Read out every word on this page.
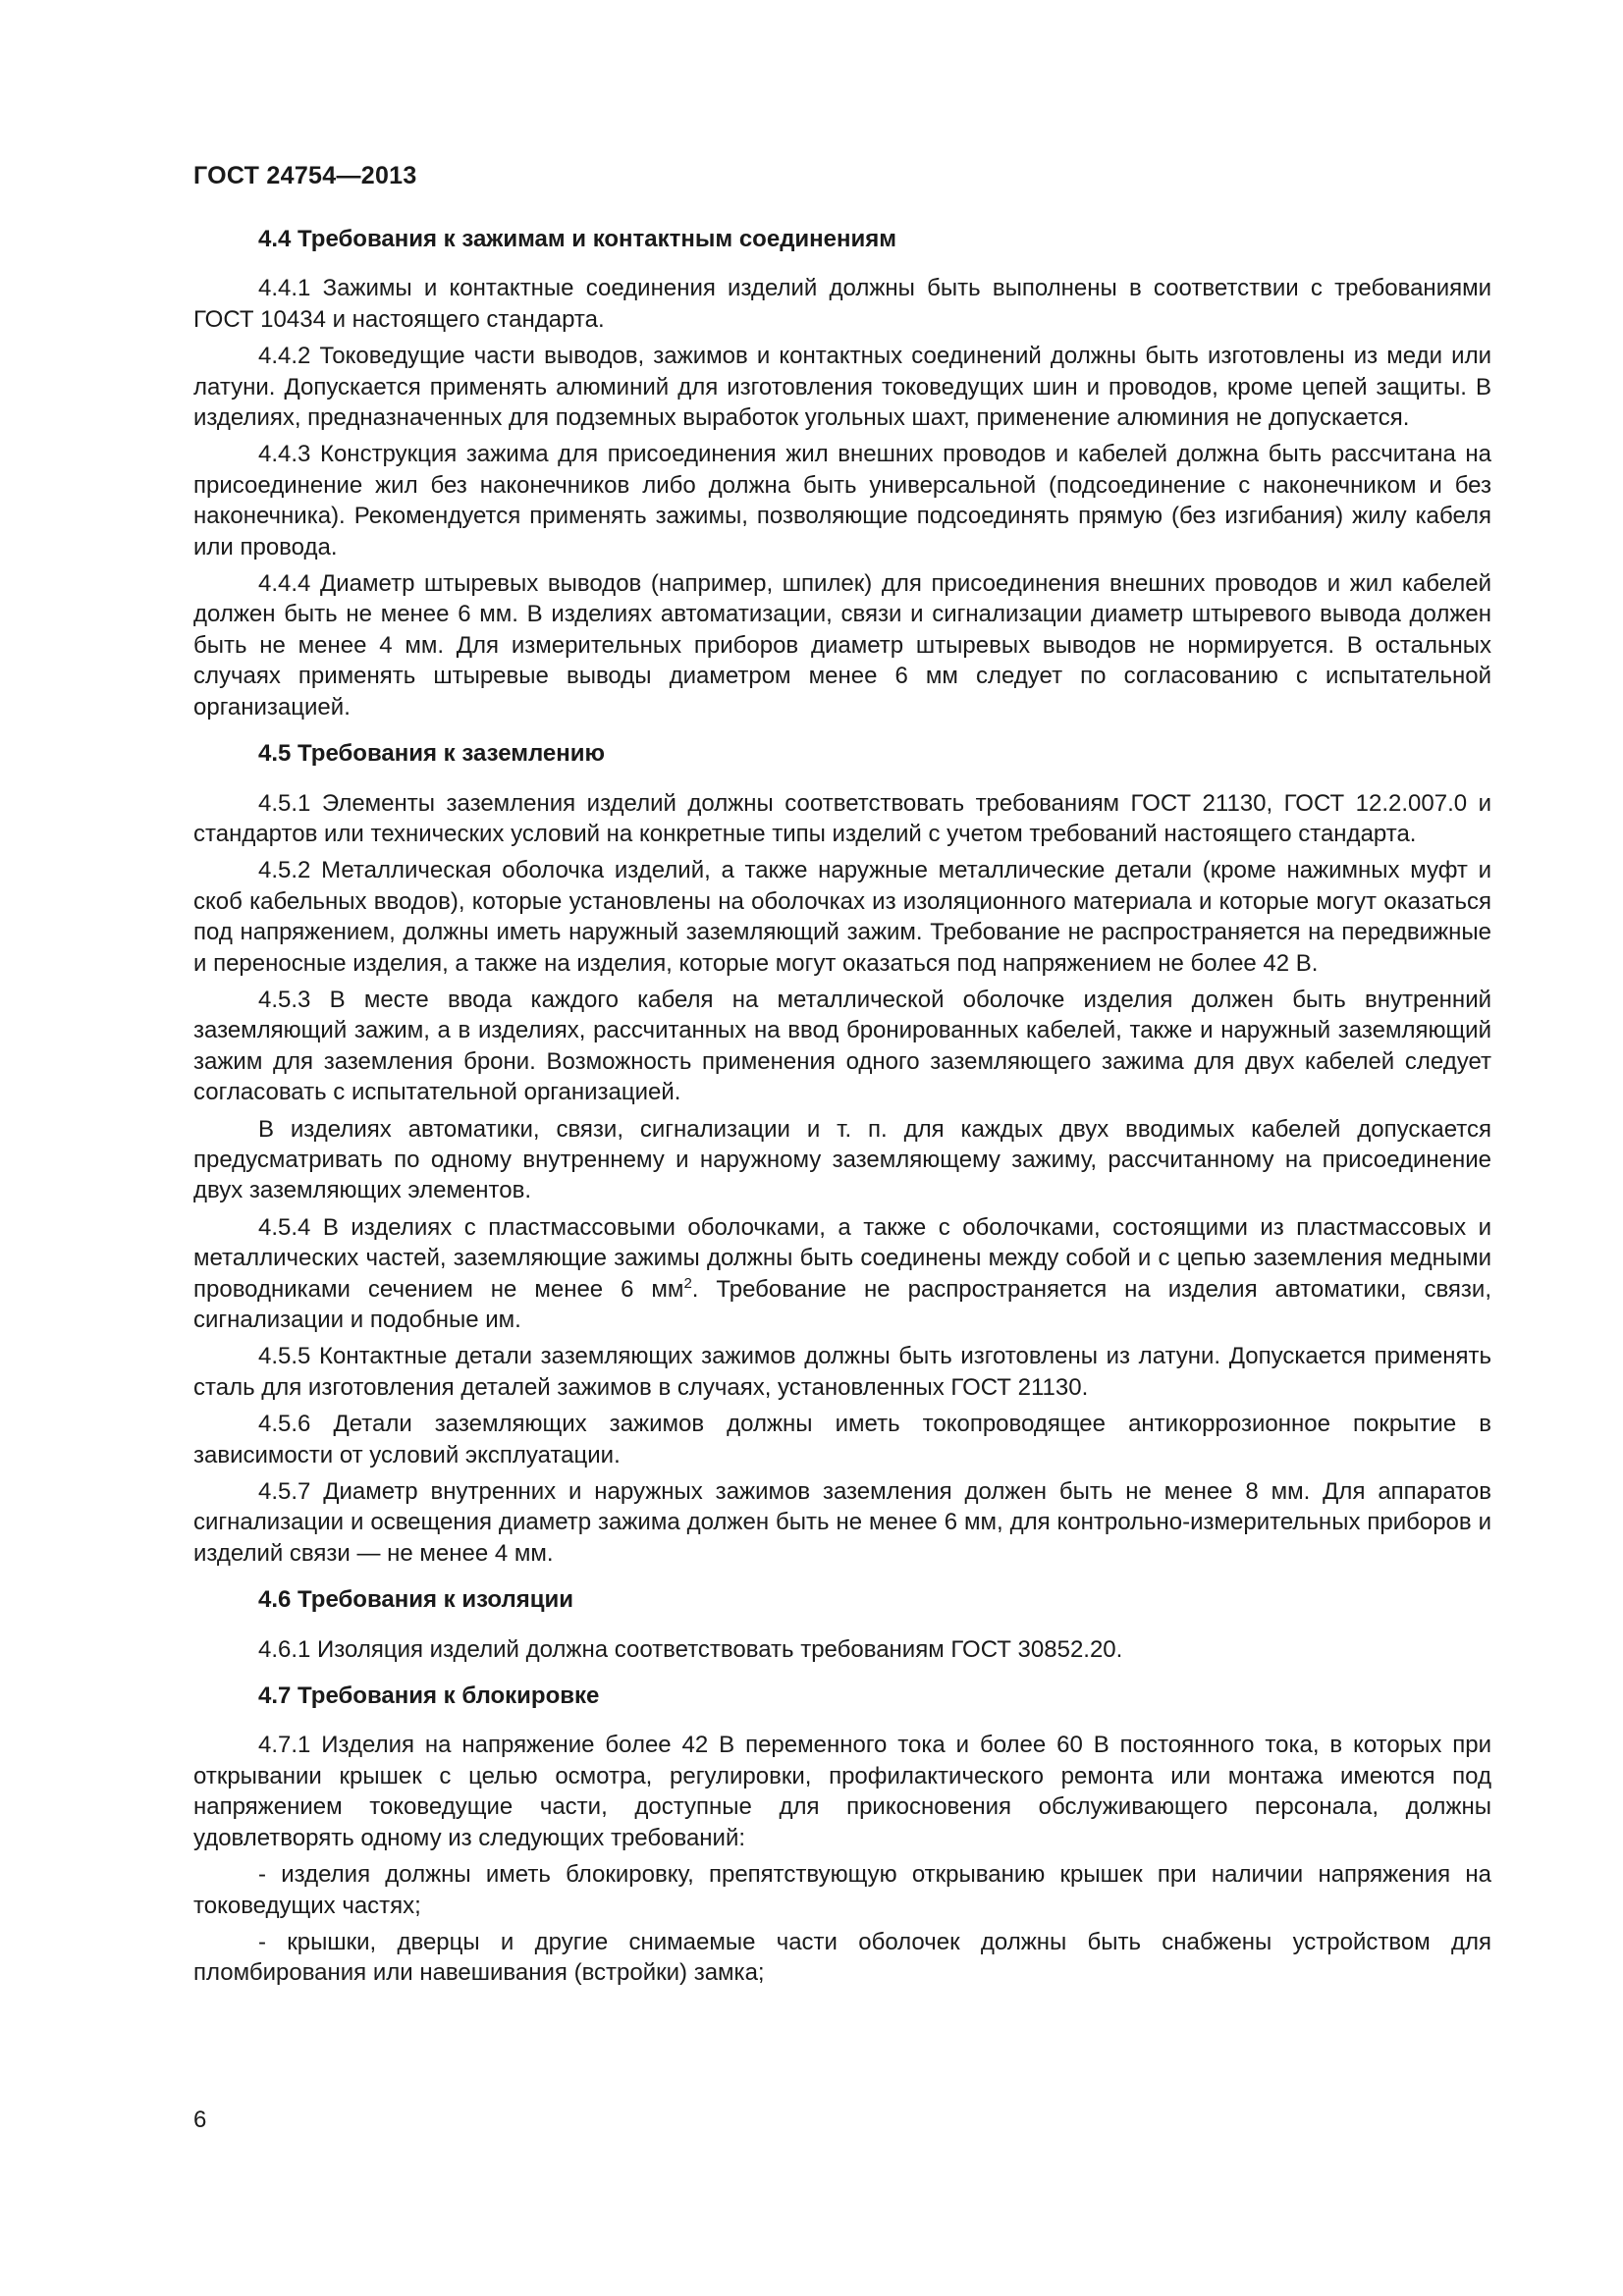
ГОСТ 24754—2013
4.4 Требования к зажимам и контактным соединениям

4.4.1 Зажимы и контактные соединения изделий должны быть выполнены в соответствии с требованиями ГОСТ 10434 и настоящего стандарта.

4.4.2 Токоведущие части выводов, зажимов и контактных соединений должны быть изготовлены из меди или латуни. Допускается применять алюминий для изготовления токоведущих шин и проводов, кроме цепей защиты. В изделиях, предназначенных для подземных выработок угольных шахт, применение алюминия не допускается.

4.4.3 Конструкция зажима для присоединения жил внешних проводов и кабелей должна быть рассчитана на присоединение жил без наконечников либо должна быть универсальной (подсоединение с наконечником и без наконечника). Рекомендуется применять зажимы, позволяющие подсоединять прямую (без изгибания) жилу кабеля или провода.

4.4.4 Диаметр штыревых выводов (например, шпилек) для присоединения внешних проводов и жил кабелей должен быть не менее 6 мм. В изделиях автоматизации, связи и сигнализации диаметр штыревого вывода должен быть не менее 4 мм. Для измерительных приборов диаметр штыревых выводов не нормируется. В остальных случаях применять штыревые выводы диаметром менее 6 мм следует по согласованию с испытательной организацией.

4.5 Требования к заземлению

4.5.1 Элементы заземления изделий должны соответствовать требованиям ГОСТ 21130, ГОСТ 12.2.007.0 и стандартов или технических условий на конкретные типы изделий с учетом требований настоящего стандарта.

4.5.2 Металлическая оболочка изделий, а также наружные металлические детали (кроме нажимных муфт и скоб кабельных вводов), которые установлены на оболочках из изоляционного материала и которые могут оказаться под напряжением, должны иметь наружный заземляющий зажим. Требование не распространяется на передвижные и переносные изделия, а также на изделия, которые могут оказаться под напряжением не более 42 В.

4.5.3 В месте ввода каждого кабеля на металлической оболочке изделия должен быть внутренний заземляющий зажим, а в изделиях, рассчитанных на ввод бронированных кабелей, также и наружный заземляющий зажим для заземления брони. Возможность применения одного заземляющего зажима для двух кабелей следует согласовать с испытательной организацией.

В изделиях автоматики, связи, сигнализации и т. п. для каждых двух вводимых кабелей допускается предусматривать по одному внутреннему и наружному заземляющему зажиму, рассчитанному на присоединение двух заземляющих элементов.

4.5.4 В изделиях с пластмассовыми оболочками, а также с оболочками, состоящими из пластмассовых и металлических частей, заземляющие зажимы должны быть соединены между собой и с цепью заземления медными проводниками сечением не менее 6 $мм^2$. Требование не распространяется на изделия автоматики, связи, сигнализации и подобные им.

4.5.5 Контактные детали заземляющих зажимов должны быть изготовлены из латуни. Допускается применять сталь для изготовления деталей зажимов в случаях, установленных ГОСТ 21130.

4.5.6 Детали заземляющих зажимов должны иметь токопроводящее антикоррозионное покрытие в зависимости от условий эксплуатации.

4.5.7 Диаметр внутренних и наружных зажимов заземления должен быть не менее 8 мм. Для аппаратов сигнализации и освещения диаметр зажима должен быть не менее 6 мм, для контрольно-измерительных приборов и изделий связи — не менее 4 мм.

4.6 Требования к изоляции

4.6.1 Изоляция изделий должна соответствовать требованиям ГОСТ 30852.20.

4.7 Требования к блокировке

4.7.1 Изделия на напряжение более 42 В переменного тока и более 60 В постоянного тока, в которых при открывании крышек с целью осмотра, регулировки, профилактического ремонта или монтажа имеются под напряжением токоведущие части, доступные для прикосновения обслуживающего персонала, должны удовлетворять одному из следующих требований:

- изделия должны иметь блокировку, препятствующую открыванию крышек при наличии напряжения на токоведущих частях;

- крышки, дверцы и другие снимаемые части оболочек должны быть снабжены устройством для пломбирования или навешивания (встройки) замка;

6
